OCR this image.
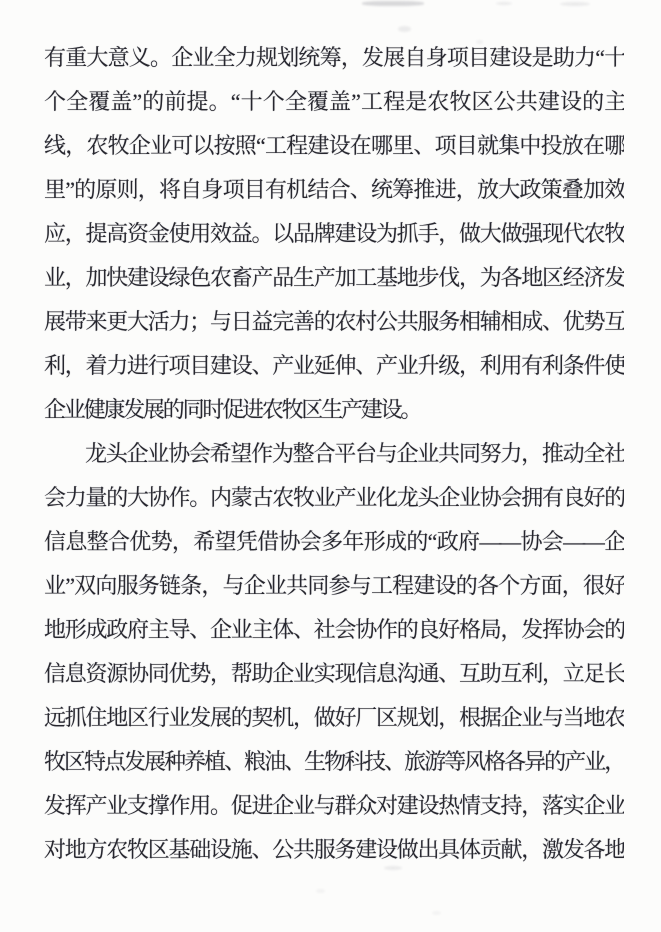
有重大意义。企业全力规划统筹，发展自身项目建设是助力“十
个全覆盖”的前提。“十个全覆盖”工程是农牧区公共建设的主
线，农牧企业可以按照“工程建设在哪里、项目就集中投放在哪
里”的原则，将自身项目有机结合、统筹推进，放大政策叠加效
应，提高资金使用效益。以品牌建设为抓手，做大做强现代农牧
业，加快建设绿色农畜产品生产加工基地步伐，为各地区经济发
展带来更大活力；与日益完善的农村公共服务相辅相成、优势互
利，着力进行项目建设、产业延伸、产业升级，利用有利条件使
企业健康发展的同时促进农牧区生产建设。
龙头企业协会希望作为整合平台与企业共同努力，推动全社
会力量的大协作。内蒙古农牧业产业化龙头企业协会拥有良好的
信息整合优势，希望凭借协会多年形成的“政府——协会——企
业”双向服务链条，与企业共同参与工程建设的各个方面，很好
地形成政府主导、企业主体、社会协作的良好格局，发挥协会的
信息资源协同优势，帮助企业实现信息沟通、互助互利，立足长
远抓住地区行业发展的契机，做好厂区规划，根据企业与当地农
牧区特点发展种养植、粮油、生物科技、旅游等风格各异的产业，
发挥产业支撑作用。促进企业与群众对建设热情支持，落实企业
对地方农牧区基础设施、公共服务建设做出具体贡献，激发各地
